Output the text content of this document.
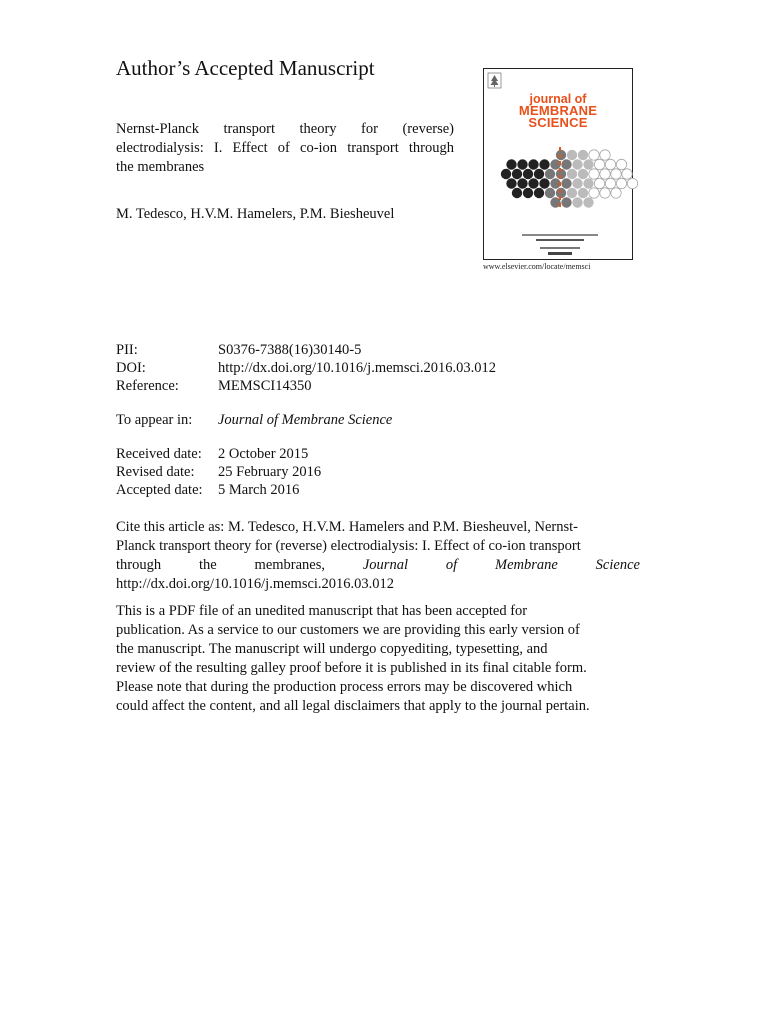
Author’s Accepted Manuscript
Nernst-Planck transport theory for (reverse)
electrodialysis: I. Effect of co-ion transport through
the membranes
M. Tedesco, H.V.M. Hamelers, P.M. Biesheuvel
journal of
MEMBRANE
SCIENCE
www.elsevier.com/locate/memsci
PII:	S0376-7388(16)30140-5
DOI:	http://dx.doi.org/10.1016/j.memsci.2016.03.012
Reference:	MEMSCI14350
To appear in: Journal of Membrane Science
Received date: 2 October 2015
Revised date: 25 February 2016
Accepted date: 5 March 2016
Cite this article as: M. Tedesco, H.V.M. Hamelers and P.M. Biesheuvel, Nernst-
Planck transport theory for (reverse) electrodialysis: I. Effect of co-ion transport
through	the	membranes,	Journal	of	Membrane	Science
http://dx.doi.org/10.1016/j.memsci.2016.03.012
This is a PDF file of an unedited manuscript that has been accepted for
publication. As a service to our customers we are providing this early version of
the manuscript. The manuscript will undergo copyediting, typesetting, and
review of the resulting galley proof before it is published in its final citable form.
Please note that during the production process errors may be discovered which
could affect the content, and all legal disclaimers that apply to the journal pertain.
